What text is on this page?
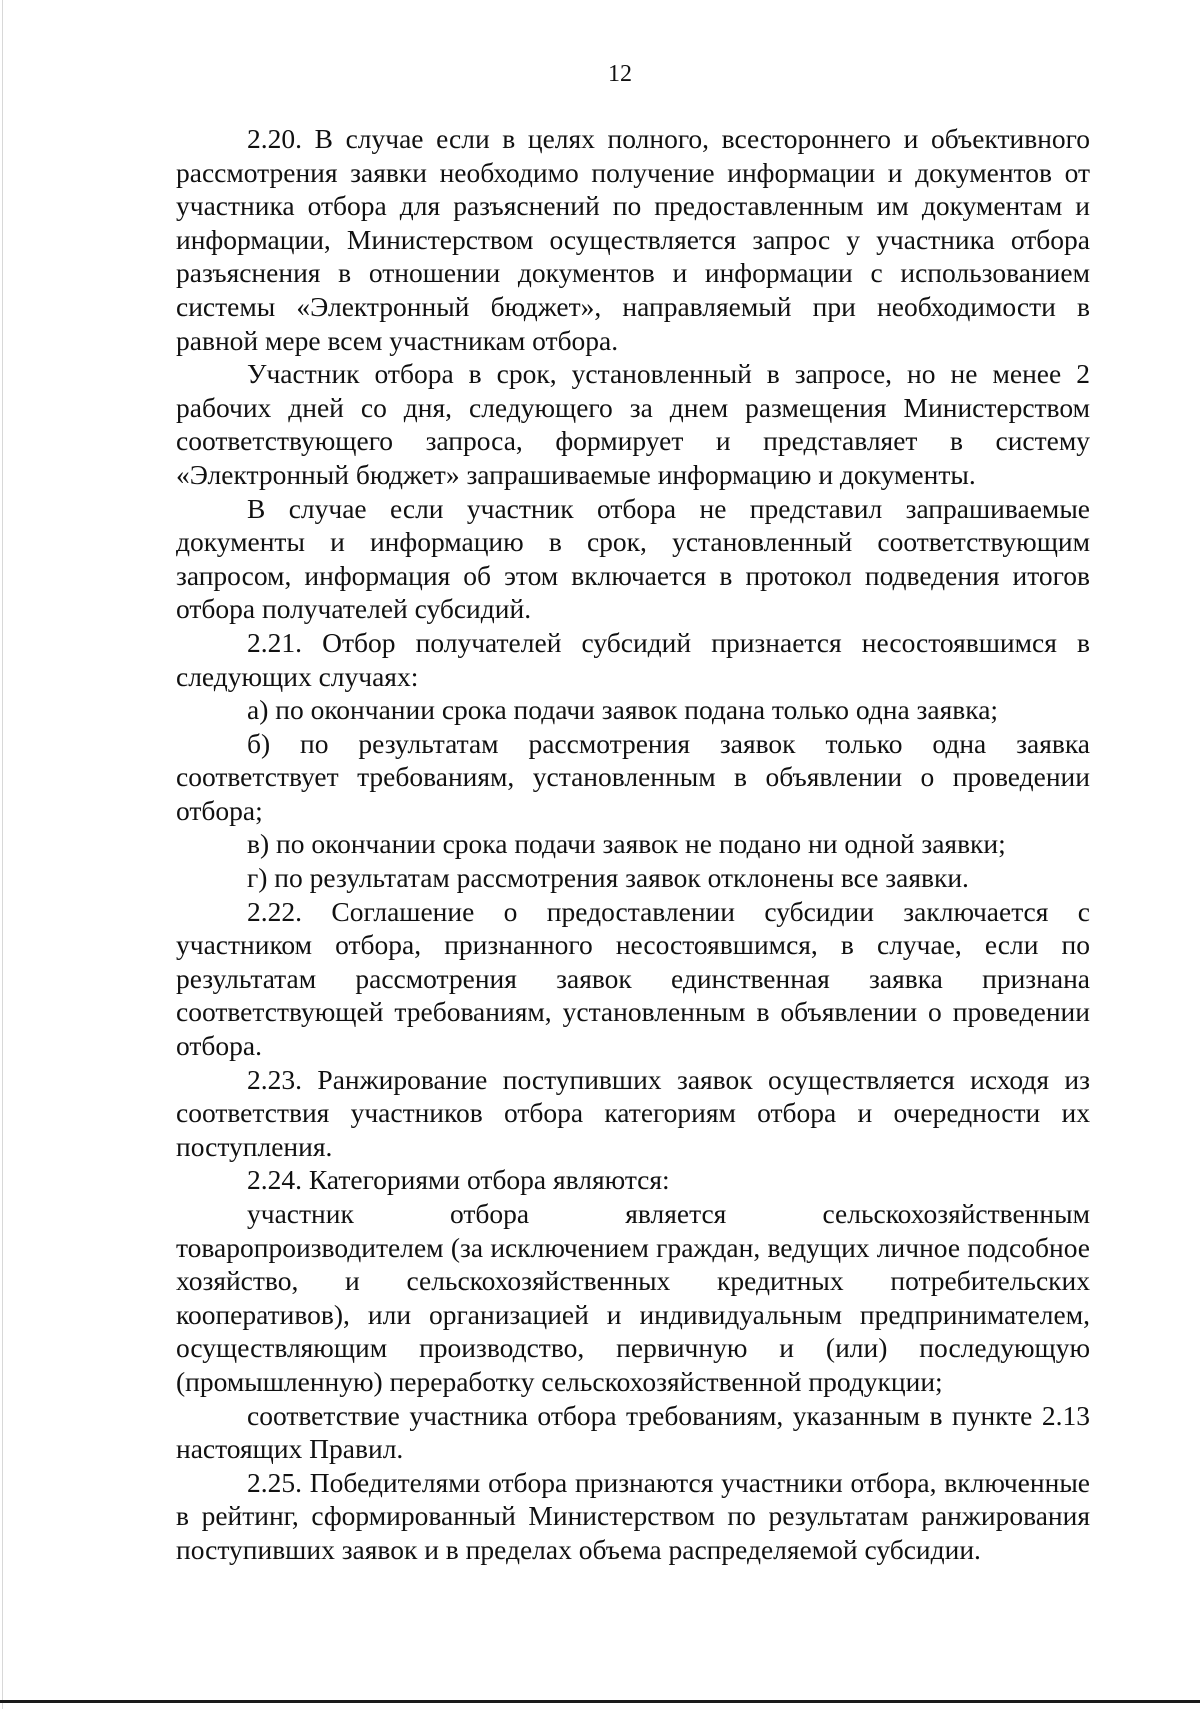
12

2.20. В случае если в целях полного, всестороннего и объективного рассмотрения заявки необходимо получение информации и документов от участника отбора для разъяснений по предоставленным им документам и информации, Министерством осуществляется запрос у участника отбора разъяснения в отношении документов и информации с использованием системы «Электронный бюджет», направляемый при необходимости в равной мере всем участникам отбора.

Участник отбора в срок, установленный в запросе, но не менее 2 рабочих дней со дня, следующего за днем размещения Министерством соответствующего запроса, формирует и представляет в систему «Электронный бюджет» запрашиваемые информацию и документы.

В случае если участник отбора не представил запрашиваемые документы и информацию в срок, установленный соответствующим запросом, информация об этом включается в протокол подведения итогов отбора получателей субсидий.

2.21. Отбор получателей субсидий признается несостоявшимся в следующих случаях:

а) по окончании срока подачи заявок подана только одна заявка;

б) по результатам рассмотрения заявок только одна заявка соответствует требованиям, установленным в объявлении о проведении отбора;

в) по окончании срока подачи заявок не подано ни одной заявки;

г) по результатам рассмотрения заявок отклонены все заявки.

2.22. Соглашение о предоставлении субсидии заключается с участником отбора, признанного несостоявшимся, в случае, если по результатам рассмотрения заявок единственная заявка признана соответствующей требованиям, установленным в объявлении о проведении отбора.

2.23. Ранжирование поступивших заявок осуществляется исходя из соответствия участников отбора категориям отбора и очередности их поступления.

2.24. Категориями отбора являются:

участник отбора является сельскохозяйственным товаропроизводителем (за исключением граждан, ведущих личное подсобное хозяйство, и сельскохозяйственных кредитных потребительских кооперативов), или организацией и индивидуальным предпринимателем, осуществляющим производство, первичную и (или) последующую (промышленную) переработку сельскохозяйственной продукции;

соответствие участника отбора требованиям, указанным в пункте 2.13 настоящих Правил.

2.25. Победителями отбора признаются участники отбора, включенные в рейтинг, сформированный Министерством по результатам ранжирования поступивших заявок и в пределах объема распределяемой субсидии.
